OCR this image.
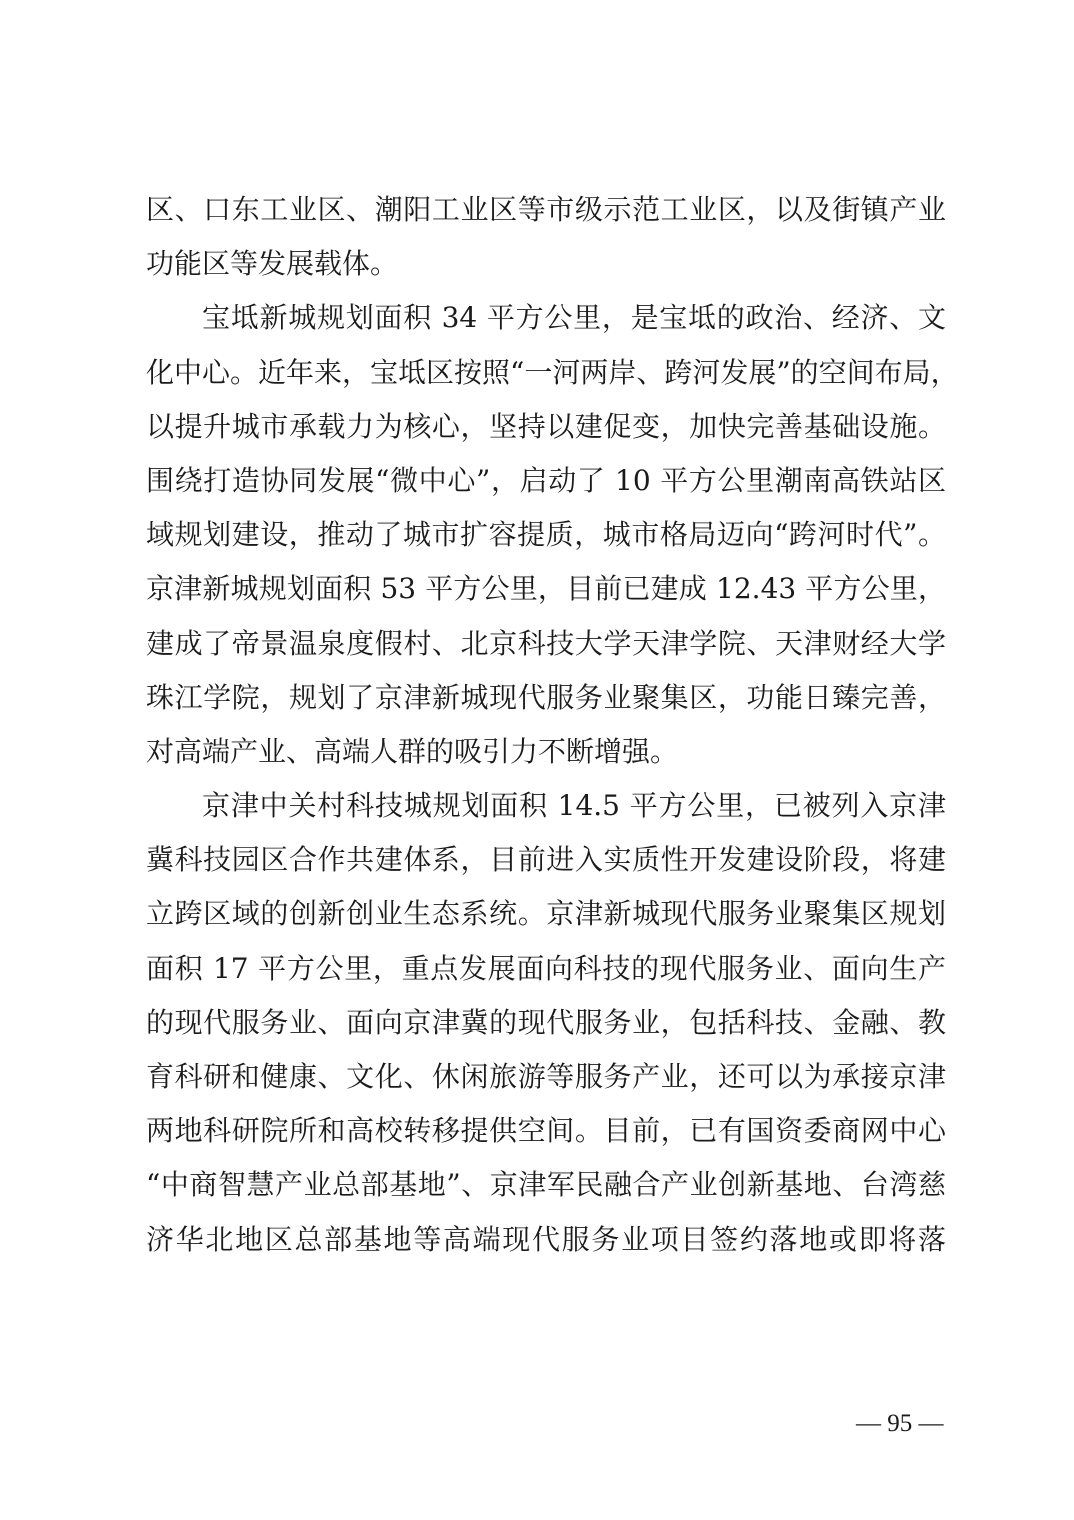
区、口东工业区、潮阳工业区等市级示范工业区，以及街镇产业
功能区等发展载体。
宝坻新城规划面积 34 平方公里，是宝坻的政治、经济、文
化中心。近年来，宝坻区按照“一河两岸、跨河发展”的空间布局，
以提升城市承载力为核心，坚持以建促变，加快完善基础设施。
围绕打造协同发展“微中心”，启动了 10 平方公里潮南高铁站区
域规划建设，推动了城市扩容提质，城市格局迈向“跨河时代”。
京津新城规划面积 53 平方公里，目前已建成 12.43 平方公里，
建成了帝景温泉度假村、北京科技大学天津学院、天津财经大学
珠江学院，规划了京津新城现代服务业聚集区，功能日臻完善，
对高端产业、高端人群的吸引力不断增强。
京津中关村科技城规划面积 14.5 平方公里，已被列入京津
冀科技园区合作共建体系，目前进入实质性开发建设阶段，将建
立跨区域的创新创业生态系统。京津新城现代服务业聚集区规划
面积 17 平方公里，重点发展面向科技的现代服务业、面向生产
的现代服务业、面向京津冀的现代服务业，包括科技、金融、教
育科研和健康、文化、休闲旅游等服务产业，还可以为承接京津
两地科研院所和高校转移提供空间。目前，已有国资委商网中心
“中商智慧产业总部基地”、京津军民融合产业创新基地、台湾慈
济华北地区总部基地等高端现代服务业项目签约落地或即将落
— 95 —
